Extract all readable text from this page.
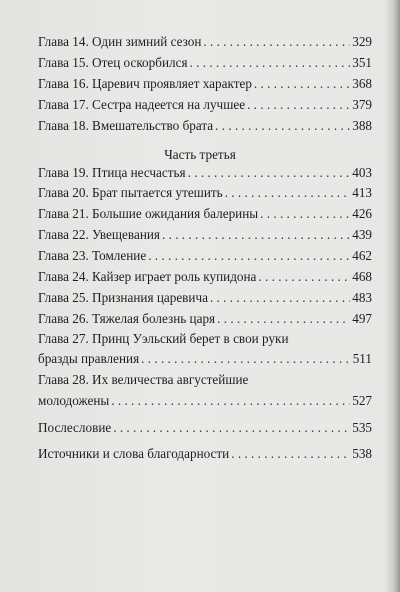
Глава 14. Один зимний сезон . . .	329
Глава 15. Отец оскорбился . . .	351
Глава 16. Царевич проявляет характер . . .	368
Глава 17. Сестра надеется на лучшее . . .	379
Глава 18. Вмешательство брата . . .	388
Часть третья
Глава 19. Птица несчастья . . .	403
Глава 20. Брат пытается утешить . . .	413
Глава 21. Большие ожидания балерины . . .	426
Глава 22. Увещевания . . .	439
Глава 23. Томление . . .	462
Глава 24. Кайзер играет роль купидона . . .	468
Глава 25. Признания царевича . . .	483
Глава 26. Тяжелая болезнь царя . . .	497
Глава 27. Принц Уэльский берет в свои руки
бразды правления . . .	511
Глава 28. Их величества августейшие
молодожены . . .	527
Послесловие . . .	535
Источники и слова благодарности . . .	538
